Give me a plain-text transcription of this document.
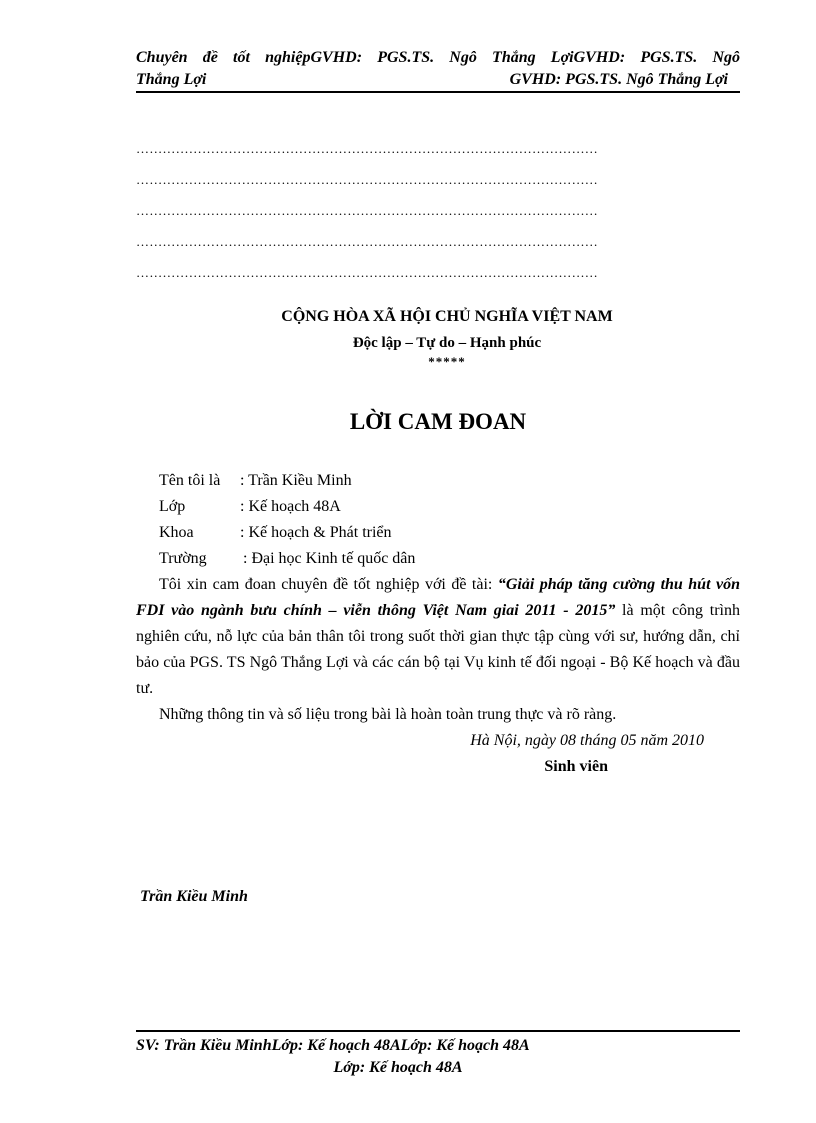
Chuyên đề tốt nghiệpGVHD: PGS.TS. Ngô Thắng LợiGVHD: PGS.TS. Ngô
Thắng Lợi	GVHD: PGS.TS. Ngô Thắng Lợi
……………………………………………………………………………………………
……………………………………………………………………………………………
……………………………………………………………………………………………
……………………………………………………………………………………………
……………………………………………………………………………………………
CỘNG HÒA XÃ HỘI CHỦ NGHĨA VIỆT NAM
Độc lập – Tự do – Hạnh phúc
*****
LỜI CAM ĐOAN
Tên tôi là : Trần Kiều Minh
Lớp	: Kế hoạch 48A
Khoa	: Kế hoạch & Phát triển
Trường : Đại học Kinh tế quốc dân
Tôi xin cam đoan chuyên đề tốt nghiệp với đề tài: “Giải pháp tăng cường thu hút vốn FDI vào ngành bưu chính – viễn thông Việt Nam giai 2011 - 2015” là một công trình nghiên cứu, nỗ lực của bản thân tôi trong suốt thời gian thực tập cùng với sư, hướng dẫn, chỉ bảo của PGS. TS Ngô Thắng Lợi và các cán bộ tại Vụ kinh tế đối ngoại - Bộ Kế hoạch và đầu tư.
Những thông tin và số liệu trong bài là hoàn toàn trung thực và rõ ràng.
Hà Nội, ngày 08 tháng 05 năm 2010
Sinh viên
Trần Kiều Minh
SV: Trần Kiều MinhLớp: Kế hoạch 48ALớp: Kế hoạch 48A
Lớp: Kế hoạch 48A
